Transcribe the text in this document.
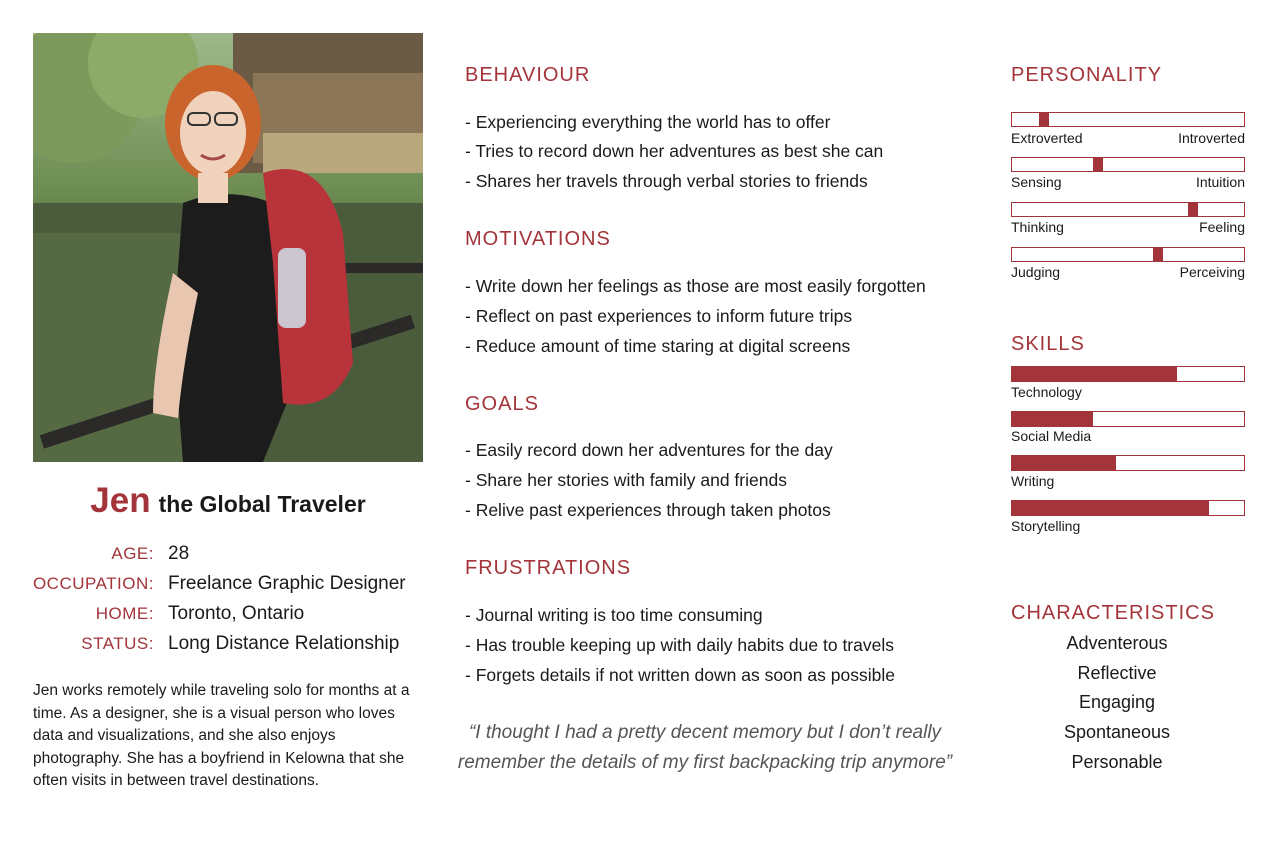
Jen the Global Traveler
AGE: 28
OCCUPATION: Freelance Graphic Designer
HOME: Toronto, Ontario
STATUS: Long Distance Relationship
Jen works remotely while traveling solo for months at a time. As a designer, she is a visual person who loves data and visualizations, and she also enjoys photography. She has a boyfriend in Kelowna that she often visits in between travel destinations.
BEHAVIOUR
- Experiencing everything the world has to offer
- Tries to record down her adventures as best she can
- Shares her travels through verbal stories to friends
MOTIVATIONS
- Write down her feelings as those are most easily forgotten
- Reflect on past experiences to inform future trips
- Reduce amount of time staring at digital screens
GOALS
- Easily record down her adventures for the day
- Share her stories with family and friends
- Relive past experiences through taken photos
FRUSTRATIONS
- Journal writing is too time consuming
- Has trouble keeping up with daily habits due to travels
- Forgets details if not written down as soon as possible
“I thought I had a pretty decent memory but I don’t really remember the details of my first backpacking trip anymore”
PERSONALITY
Extroverted	Introverted
Sensing	Intuition
Thinking	Feeling
Judging	Perceiving
SKILLS
Technology
Social Media
Writing
Storytelling
CHARACTERISTICS
Adventerous
Reflective
Engaging
Spontaneous
Personable
